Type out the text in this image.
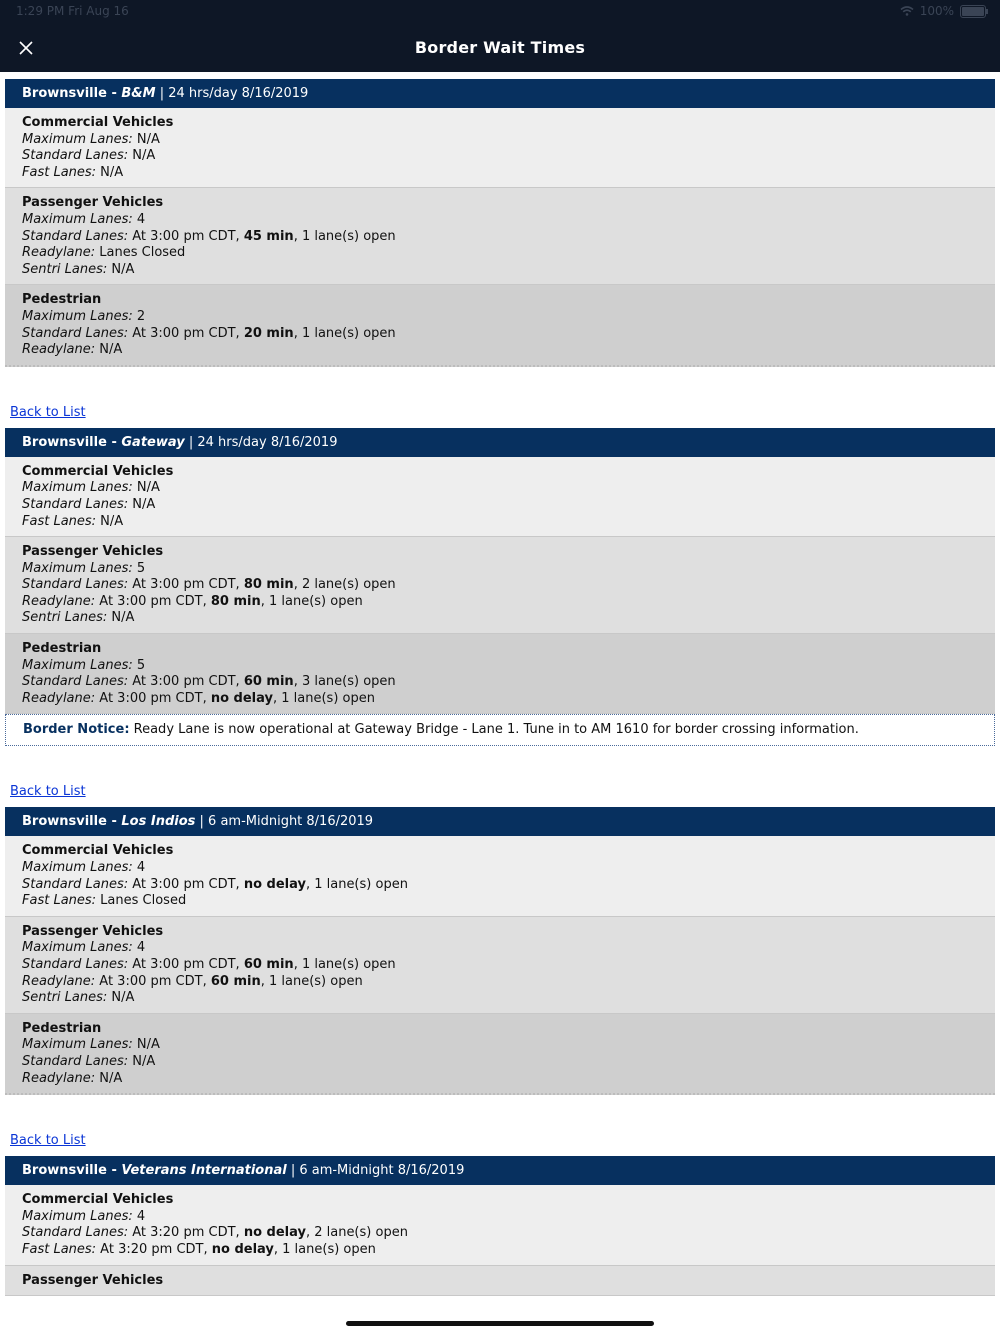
1:29 PM Fri Aug 16	100%
Border Wait Times
Brownsville - B&M | 24 hrs/day 8/16/2019
Commercial Vehicles
Maximum Lanes: N/A
Standard Lanes: N/A
Fast Lanes: N/A
Passenger Vehicles
Maximum Lanes: 4
Standard Lanes: At 3:00 pm CDT, 45 min, 1 lane(s) open
Readylane: Lanes Closed
Sentri Lanes: N/A
Pedestrian
Maximum Lanes: 2
Standard Lanes: At 3:00 pm CDT, 20 min, 1 lane(s) open
Readylane: N/A
Back to List
Brownsville - Gateway | 24 hrs/day 8/16/2019
Commercial Vehicles
Maximum Lanes: N/A
Standard Lanes: N/A
Fast Lanes: N/A
Passenger Vehicles
Maximum Lanes: 5
Standard Lanes: At 3:00 pm CDT, 80 min, 2 lane(s) open
Readylane: At 3:00 pm CDT, 80 min, 1 lane(s) open
Sentri Lanes: N/A
Pedestrian
Maximum Lanes: 5
Standard Lanes: At 3:00 pm CDT, 60 min, 3 lane(s) open
Readylane: At 3:00 pm CDT, no delay, 1 lane(s) open
Border Notice: Ready Lane is now operational at Gateway Bridge - Lane 1. Tune in to AM 1610 for border crossing information.
Back to List
Brownsville - Los Indios | 6 am-Midnight 8/16/2019
Commercial Vehicles
Maximum Lanes: 4
Standard Lanes: At 3:00 pm CDT, no delay, 1 lane(s) open
Fast Lanes: Lanes Closed
Passenger Vehicles
Maximum Lanes: 4
Standard Lanes: At 3:00 pm CDT, 60 min, 1 lane(s) open
Readylane: At 3:00 pm CDT, 60 min, 1 lane(s) open
Sentri Lanes: N/A
Pedestrian
Maximum Lanes: N/A
Standard Lanes: N/A
Readylane: N/A
Back to List
Brownsville - Veterans International | 6 am-Midnight 8/16/2019
Commercial Vehicles
Maximum Lanes: 4
Standard Lanes: At 3:20 pm CDT, no delay, 2 lane(s) open
Fast Lanes: At 3:20 pm CDT, no delay, 1 lane(s) open
Passenger Vehicles
